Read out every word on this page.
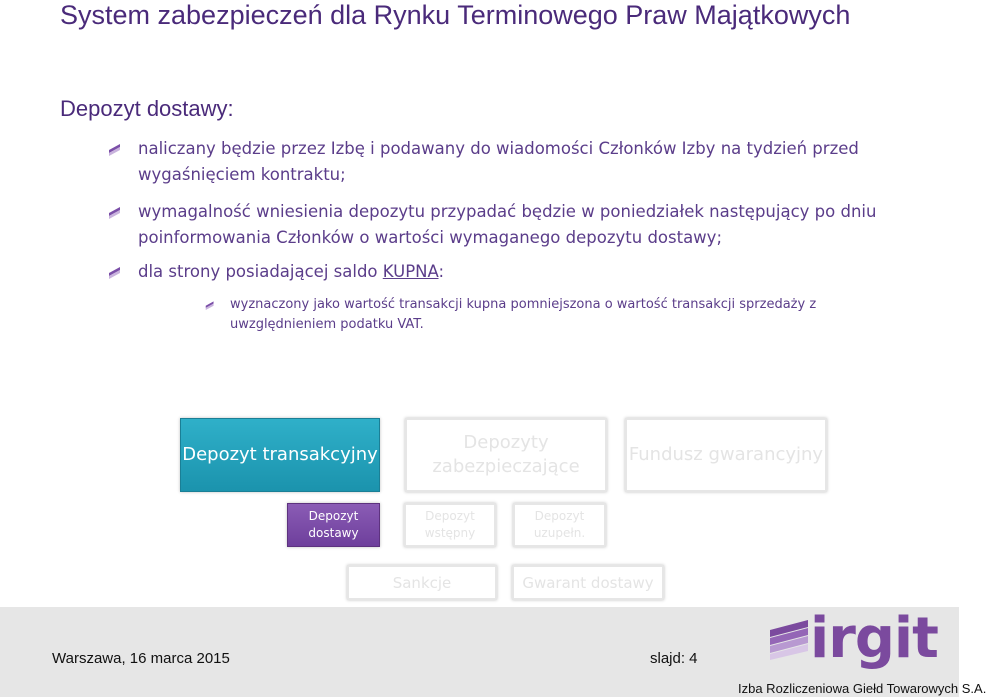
System zabezpieczeń dla Rynku Terminowego Praw Majątkowych
Depozyt dostawy:
naliczany będzie przez Izbę i podawany do wiadomości Członków Izby na tydzień przed wygaśnięciem kontraktu;
wymagalność wniesienia depozytu przypadać będzie w poniedziałek następujący po dniu poinformowania Członków o wartości wymaganego depozytu dostawy;
dla strony posiadającej saldo KUPNA:
wyznaczony jako wartość transakcji kupna pomniejszona o wartość transakcji sprzedaży z uwzględnieniem podatku VAT.
Depozyt transakcyjny
Depozyty zabezpieczające
Fundusz gwarancyjny
Depozyt dostawy
Depozyt wstępny
Depozyt uzupełn.
Sankcje	Gwarant dostawy
Warszawa, 16 marca 2015	slajd: 4 irgit
Izba Rozliczeniowa Giełd Towarowych S.A.
